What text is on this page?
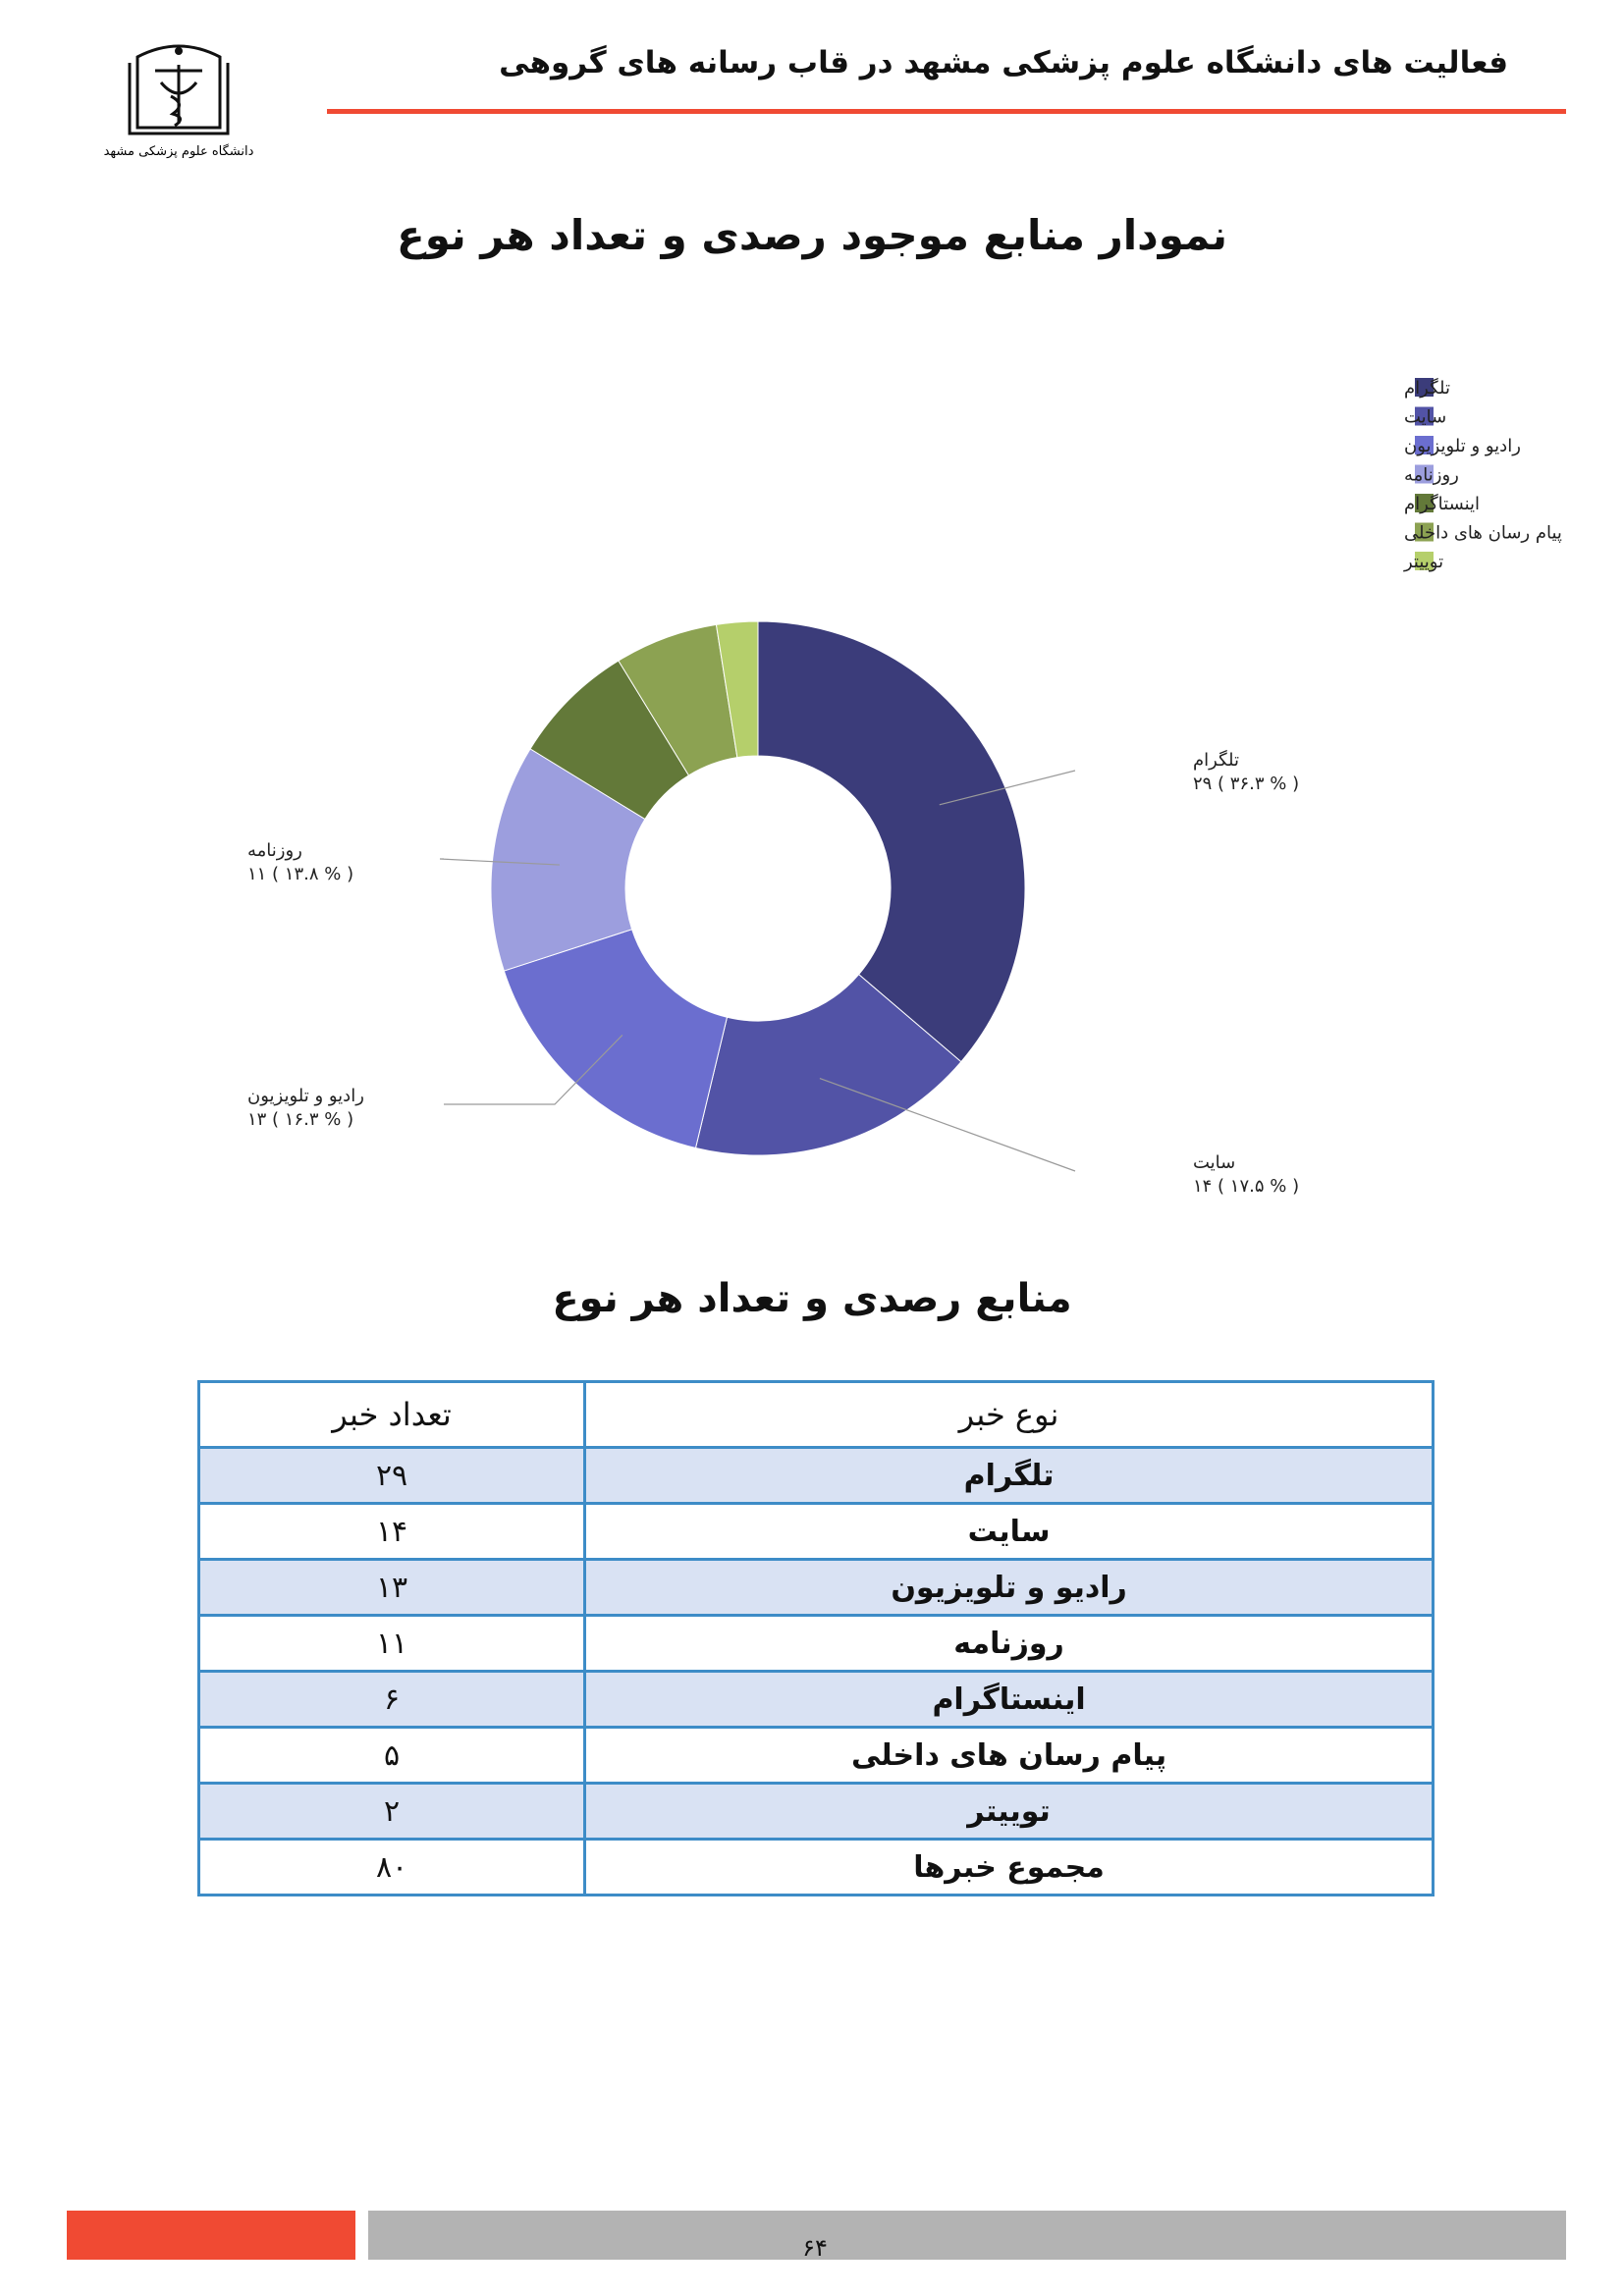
دانشگاه علوم پزشکی مشهد
فعالیت های دانشگاه علوم پزشکی مشهد در قاب رسانه های گروهی
نمودار منابع موجود رصدی و تعداد هر نوع
تلگرام
۲۹ ( ۳۶.۳ % )
سایت
۱۴ ( ۱۷.۵ % )
رادیو و تلویزیون
۱۳ ( ۱۶.۳ % )
روزنامه
۱۱ ( ۱۳.۸ % )
تلگرام
سایت
رادیو و تلویزیون
روزنامه
اینستاگرام
پیام رسان های داخلی
توییتر
منابع رصدی و تعداد هر نوع
نوع خبر	تعداد خبر
تلگرام	۲۹
سایت	۱۴
رادیو و تلویزیون	۱۳
روزنامه	۱۱
اینستاگرام	۶
پیام رسان های داخلی	۵
توییتر	۲
مجموع خبرها	۸۰
۶۴
